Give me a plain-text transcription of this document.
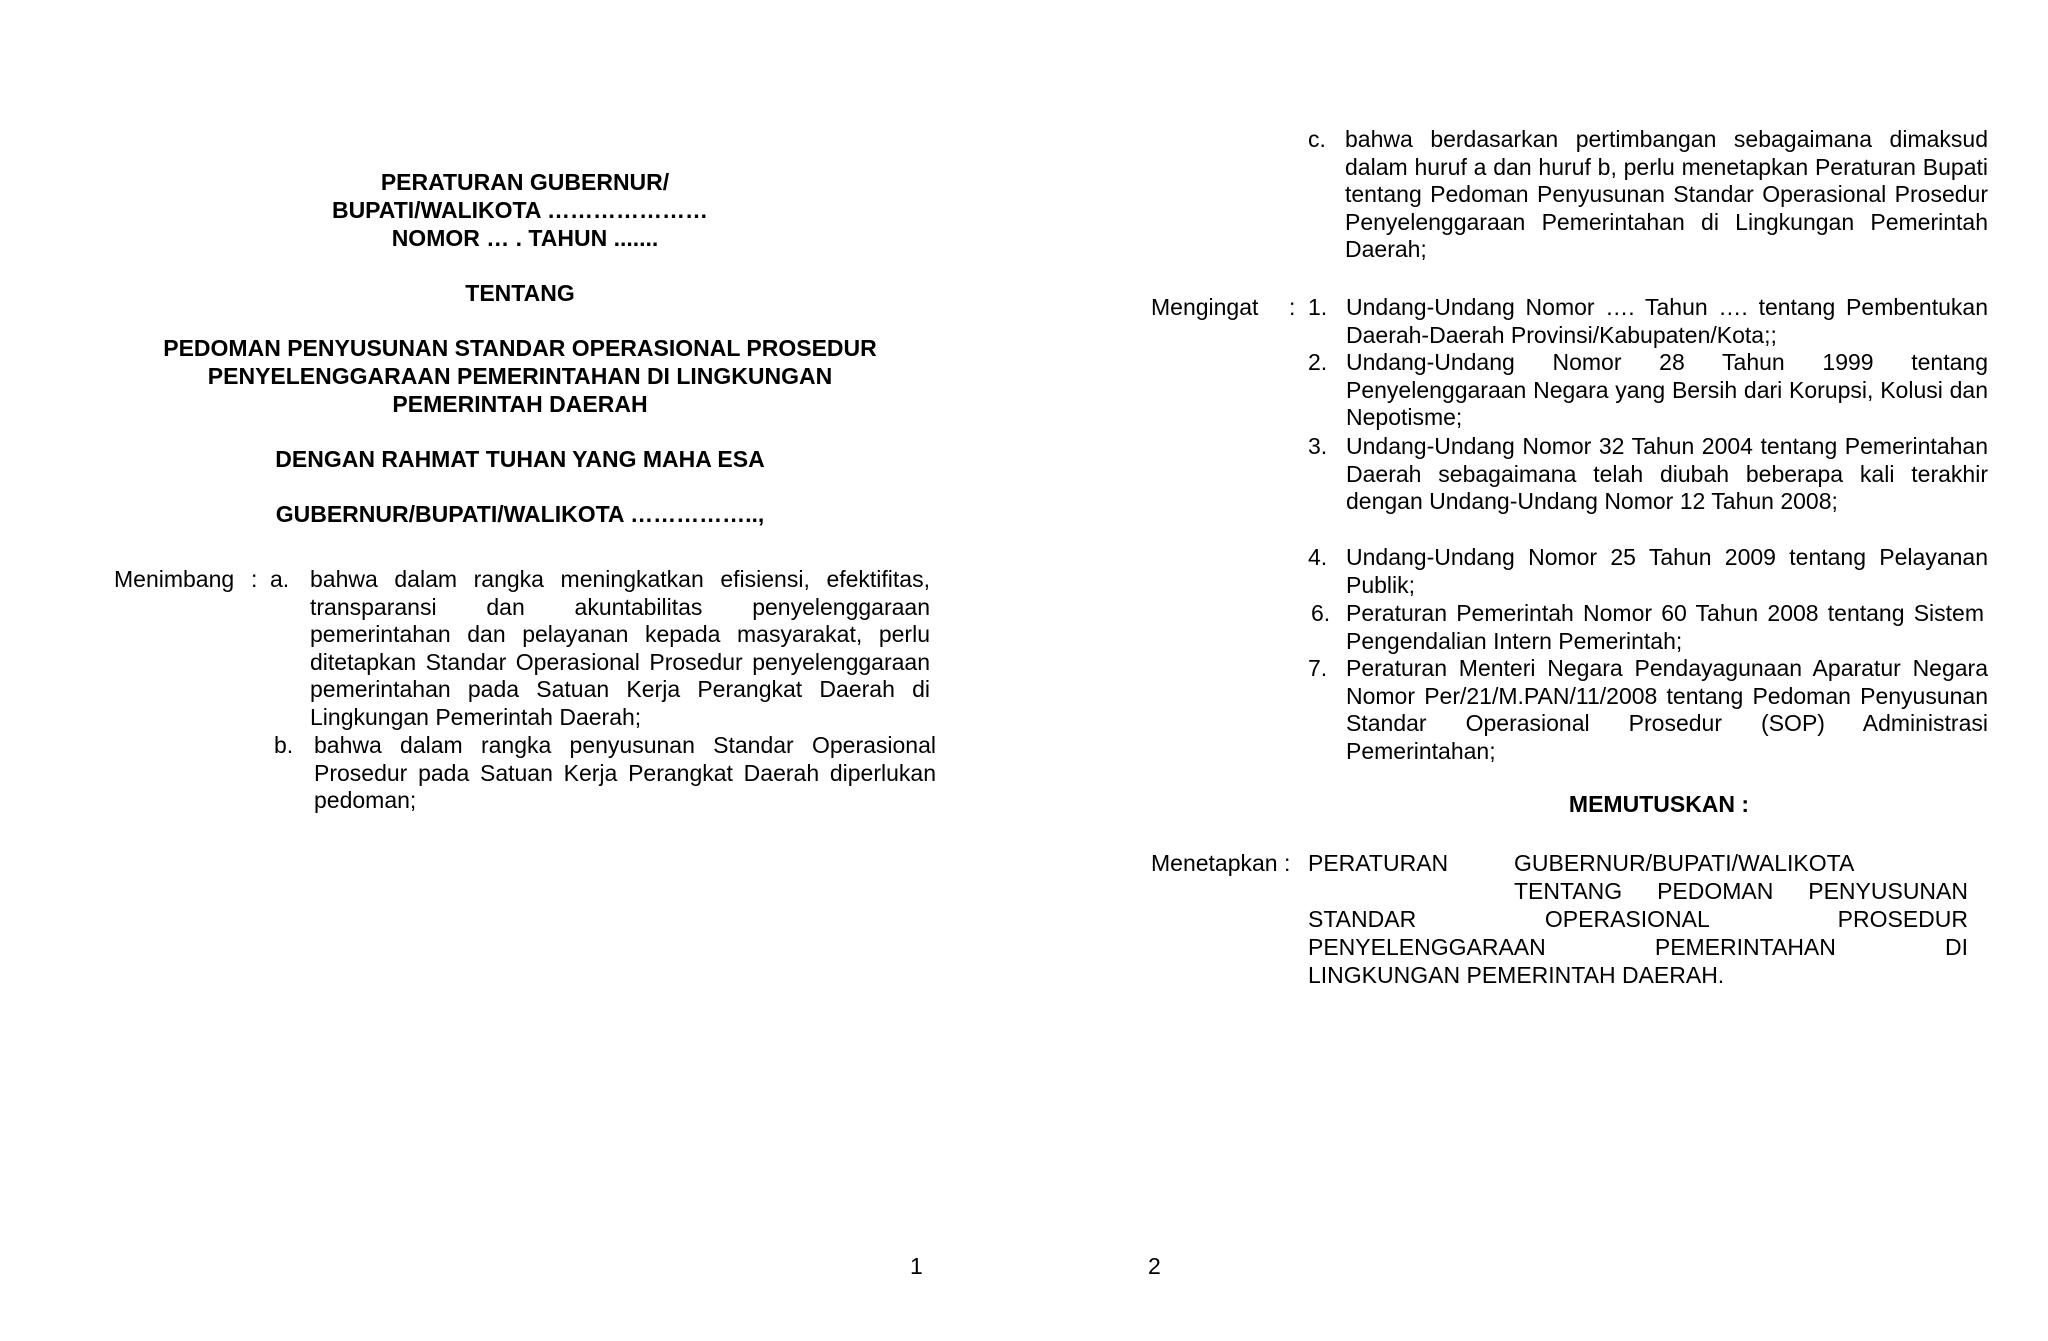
PERATURAN GUBERNUR/
BUPATI/WALIKOTA …………………
NOMOR … . TAHUN .......
TENTANG
PEDOMAN PENYUSUNAN STANDAR OPERASIONAL PROSEDUR
PENYELENGGARAAN PEMERINTAHAN DI LINGKUNGAN
PEMERINTAH DAERAH
DENGAN RAHMAT TUHAN YANG MAHA ESA
GUBERNUR/BUPATI/WALIKOTA ……………..,
Menimbang : a. bahwa dalam rangka meningkatkan efisiensi, efektifitas, transparansi dan akuntabilitas penyelenggaraan pemerintahan dan pelayanan kepada masyarakat, perlu ditetapkan Standar Operasional Prosedur penyelenggaraan pemerintahan pada Satuan Kerja Perangkat Daerah di Lingkungan Pemerintah Daerah;
b. bahwa dalam rangka penyusunan Standar Operasional Prosedur pada Satuan Kerja Perangkat Daerah diperlukan pedoman;
1
c. bahwa berdasarkan pertimbangan sebagaimana dimaksud dalam huruf a dan huruf b, perlu menetapkan Peraturan Bupati tentang Pedoman Penyusunan Standar Operasional Prosedur Penyelenggaraan Pemerintahan di Lingkungan Pemerintah Daerah;
Mengingat : 1. Undang-Undang Nomor …. Tahun …. tentang Pembentukan Daerah-Daerah Provinsi/Kabupaten/Kota;;
2. Undang-Undang Nomor 28 Tahun 1999 tentang Penyelenggaraan Negara yang Bersih dari Korupsi, Kolusi dan Nepotisme;
3. Undang-Undang Nomor 32 Tahun 2004 tentang Pemerintahan Daerah sebagaimana telah diubah beberapa kali terakhir dengan Undang-Undang Nomor 12 Tahun 2008;
4. Undang-Undang Nomor 25 Tahun 2009 tentang Pelayanan Publik;
6. Peraturan Pemerintah Nomor 60 Tahun 2008 tentang Sistem Pengendalian Intern Pemerintah;
7. Peraturan Menteri Negara Pendayagunaan Aparatur Negara Nomor Per/21/M.PAN/11/2008 tentang Pedoman Penyusunan Standar Operasional Prosedur (SOP) Administrasi Pemerintahan;
MEMUTUSKAN :
Menetapkan : PERATURAN	GUBERNUR/BUPATI/WALIKOTA
TENTANG PEDOMAN PENYUSUNAN
STANDAR OPERASIONAL PROSEDUR
PENYELENGGARAAN PEMERINTAHAN DI
LINGKUNGAN PEMERINTAH DAERAH.
2
